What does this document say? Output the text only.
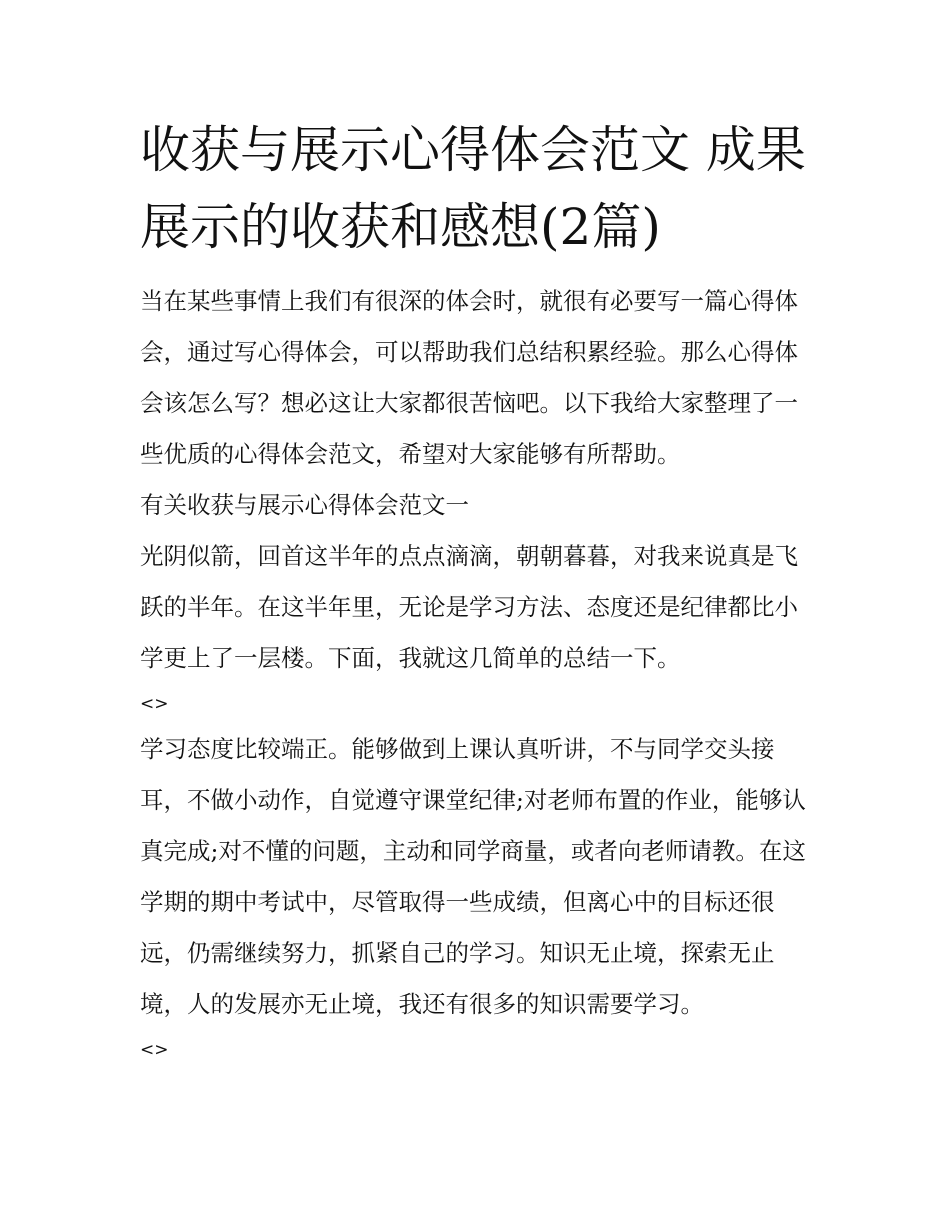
收获与展示心得体会范文 成果展示的收获和感想(2篇)

当在某些事情上我们有很深的体会时，就很有必要写一篇心得体会，通过写心得体会，可以帮助我们总结积累经验。那么心得体会该怎么写？想必这让大家都很苦恼吧。以下我给大家整理了一些优质的心得体会范文，希望对大家能够有所帮助。

有关收获与展示心得体会范文一

光阴似箭，回首这半年的点点滴滴，朝朝暮暮，对我来说真是飞跃的半年。在这半年里，无论是学习方法、态度还是纪律都比小学更上了一层楼。下面，我就这几简单的总结一下。

<>

学习态度比较端正。能够做到上课认真听讲，不与同学交头接耳，不做小动作，自觉遵守课堂纪律;对老师布置的作业，能够认真完成;对不懂的问题，主动和同学商量，或者向老师请教。在这学期的期中考试中，尽管取得一些成绩，但离心中的目标还很远，仍需继续努力，抓紧自己的学习。知识无止境，探索无止境，人的发展亦无止境，我还有很多的知识需要学习。

<>
